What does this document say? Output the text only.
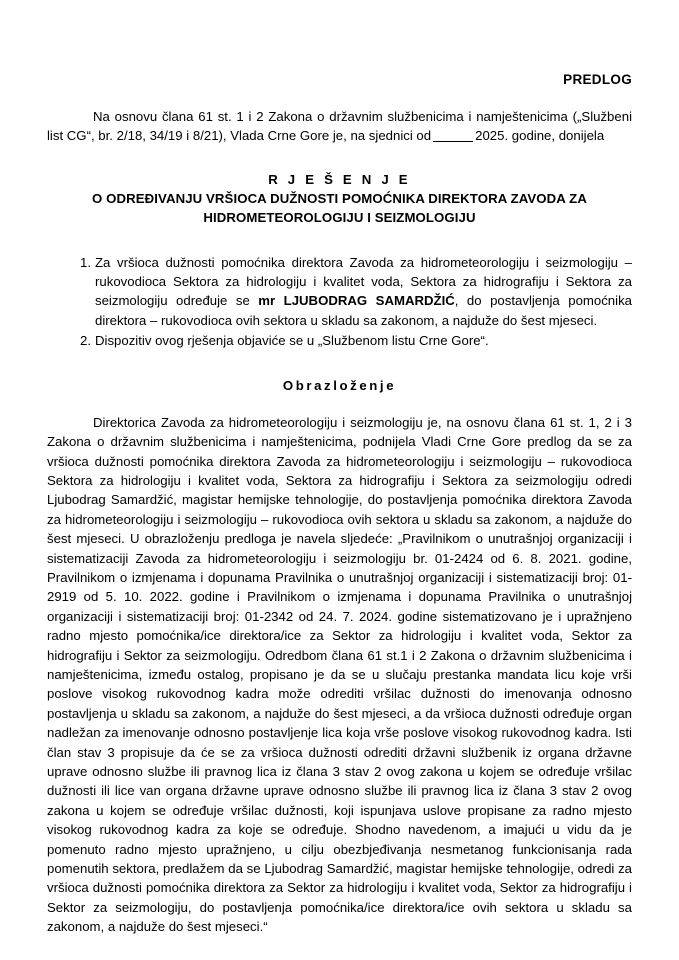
PREDLOG

Na osnovu člana 61 st. 1 i 2 Zakona o državnim službenicima i namještenicima („Službeni list CG“, br. 2/18, 34/19 i 8/21), Vlada Crne Gore je, na sjednici od	2025. godine, donijela

R J E Š E N J E
O ODREĐIVANJU VRŠIOCA DUŽNOSTI POMOĆNIKA DIREKTORA ZAVODA ZA HIDROMETEOROLOGIJU I SEIZMOLOGIJU
Za vršioca dužnosti pomoćnika direktora Zavoda za hidrometeorologiju i seizmologiju – rukovodioca Sektora za hidrologiju i kvalitet voda, Sektora za hidrografiju i Sektora za seizmologiju određuje se mr LJUBODRAG SAMARDŽIĆ, do postavljenja pomoćnika direktora – rukovodioca ovih sektora u skladu sa zakonom, a najduže do šest mjeseci.
Dispozitiv ovog rješenja objaviće se u „Službenom listu Crne Gore“.
Obrazloženje

Direktorica Zavoda za hidrometeorologiju i seizmologiju je, na osnovu člana 61 st. 1, 2 i 3 Zakona o državnim službenicima i namještenicima, podnijela Vladi Crne Gore predlog da se za vršioca dužnosti pomoćnika direktora Zavoda za hidrometeorologiju i seizmologiju – rukovodioca Sektora za hidrologiju i kvalitet voda, Sektora za hidrografiju i Sektora za seizmologiju odredi Ljubodrag Samardžić, magistar hemijske tehnologije, do postavljenja pomoćnika direktora Zavoda za hidrometeorologiju i seizmologiju – rukovodioca ovih sektora u skladu sa zakonom, a najduže do šest mjeseci. U obrazloženju predloga je navela sljedeće: „Pravilnikom o unutrašnjoj organizaciji i sistematizaciji Zavoda za hidrometeorologiju i seizmologiju br. 01-2424 od 6. 8. 2021. godine, Pravilnikom o izmjenama i dopunama Pravilnika o unutrašnjoj organizaciji i sistematizaciji broj: 01-2919 od 5. 10. 2022. godine i Pravilnikom o izmjenama i dopunama Pravilnika o unutrašnjoj organizaciji i sistematizaciji broj: 01-2342 od 24. 7. 2024. godine sistematizovano je i upražnjeno radno mjesto pomoćnika/ice direktora/ice za Sektor za hidrologiju i kvalitet voda, Sektor za hidrografiju i Sektor za seizmologiju. Odredbom člana 61 st.1 i 2 Zakona o državnim službenicima i namještenicima, između ostalog, propisano je da se u slučaju prestanka mandata licu koje vrši poslove visokog rukovodnog kadra može odrediti vršilac dužnosti do imenovanja odnosno postavljenja u skladu sa zakonom, a najduže do šest mjeseci, a da vršioca dužnosti određuje organ nadležan za imenovanje odnosno postavljenje lica koja vrše poslove visokog rukovodnog kadra. Isti član stav 3 propisuje da će se za vršioca dužnosti odrediti državni službenik iz organa državne uprave odnosno službe ili pravnog lica iz člana 3 stav 2 ovog zakona u kojem se određuje vršilac dužnosti ili lice van organa državne uprave odnosno službe ili pravnog lica iz člana 3 stav 2 ovog zakona u kojem se određuje vršilac dužnosti, koji ispunjava uslove propisane za radno mjesto visokog rukovodnog kadra za koje se određuje. Shodno navedenom, a imajući u vidu da je pomenuto radno mjesto upražnjeno, u cilju obezbjeđivanja nesmetanog funkcionisanja rada pomenutih sektora, predlažem da se Ljubodrag Samardžić, magistar hemijske tehnologije, odredi za vršioca dužnosti pomoćnika direktora za Sektor za hidrologiju i kvalitet voda, Sektor za hidrografiju i Sektor za seizmologiju, do postavljenja pomoćnika/ice direktora/ice ovih sektora u skladu sa zakonom, a najduže do šest mjeseci.“
